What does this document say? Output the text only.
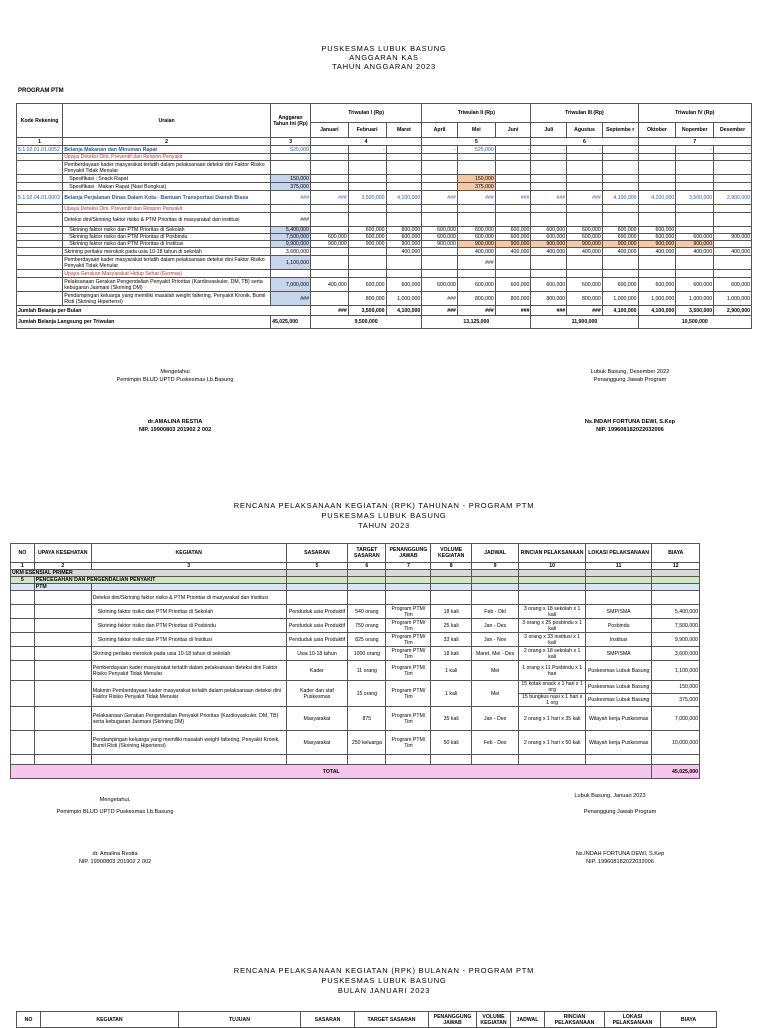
PUSKESMAS LUBUK BASUNG
ANGGARAN KAS
TAHUN ANGGARAN 2023
PROGRAM PTM
Kode Rekening	Uraian	Anggaran Tahun Ini (Rp)	Triwulan I (Rp)			Triwulan II (Rp)			Triwulan III (Rp)			Triwulan IV (Rp)		
			Januari	Februari	Maret	April	Mei	Juni	Juli	Agustus	Septembe r	Oktober	Nopember	Desember
1	2	3	4			5			6			7		
5.1.02.01.01.0052	Belanja Makanan dan Minuman Rapat	525,000	-	-	-	-	525,000	-	-	-	-	-	-	-
	Upaya Deteksi Dini, Preventif dan Respon Penyakit													
	Pemberdayaan kader masyarakat terlatih dalam pelaksanaan deteksi dini Faktor Risiko Penyakit Tidak Menular													
	Spesifikasi : Snack Rapat	150,000					150,000							
	Spesifikasi : Makan Rapat (Nasi Bungkus)	375,000					375,000							
5.1.02.04.01.0003	Belanja Perjalanan Dinas Dalam Kota - Bantuan Transportasi Daerah Biasa	###	###	3,500,000	4,100,000	###	###	###	###	###	4,100,000	4,100,000	3,500,000	2,900,000
	Upaya Deteksi Dini, Preventif dan Respon Penyakit													
	Deteksi dini/Skrining faktor risiko & PTM Prioritas di masyarakat dan institusi	###												
	Skrining faktor risiko dan PTM Prioritas di Sekolah	5,400,000		600,000	600,000	600,000	600,000	600,000	600,000	600,000	600,000	600,000		
	Skrining faktor risiko dan PTM Prioritas di Posbindu	7,500,000	600,000	600,000	600,000	600,000	600,000	600,000	600,000	600,000	600,000	600,000	600,000	900,000
	Skrining faktor risiko dan PTM Prioritas di Institusi	9,900,000	900,000	900,000	900,000	900,000	900,000	900,000	900,000	900,000	900,000	900,000	900,000	
	Skrining perilaku merokok pada usia 10-18 tahun di sekolah	3,600,000			400,000		400,000	400,000	400,000	400,000	400,000	400,000	400,000	400,000
	Pemberdayaan kader masyarakat terlatih dalam pelaksanaan deteksi dini Faktor Risiko Penyakit Tidak Menular	1,100,000					###							
	Upaya Gerakan Masyarakat Hidup Sehat (Germas)													
	Pelaksanaan Gerakan Pengendalian Penyakit Prioritas (Kardiovaskuler, DM, TB) serta kebugaran Jasmani (Skrining DM)	7,000,000	400,000	600,000	600,000	600,000	600,000	600,000	600,000	600,000	600,000	600,000	600,000	600,000
	Pendampingan keluarga yang memiliki masalah weight faltering, Penyakit Kronik, Bumil Risti (Skrining Hipertensi)	###		800,000	1,000,000	###	800,000	800,000	800,000	800,000	1,000,000	1,000,000	1,000,000	1,000,000
Jumlah Belanja per Bulan			###	3,500,000	4,100,000	###	###	###	###	###	4,100,000	4,100,000	3,500,000	2,900,000
Jumlah Belanja Langsung per Triwulan		45,025,000	9,500,000			13,125,000			11,900,000			10,500,000		
Mengetahui
Pemimpin BLUD UPTD Puskesmas Lb.Basung
dr.AMALINA RESTIA
NIP. 19900803 201902 2 002
Lubuk Basung, Desember 2022
Penanggung Jawab Program
Ns.INDAH FORTUNA DEWI, S.Kep
NIP. 199608182022032006
RENCANA PELAKSANAAN KEGIATAN (RPK) TAHUNAN - PROGRAM PTM
PUSKESMAS LUBUK BASUNG
TAHUN 2023
NO	UPAYA KESEHATAN	KEGIATAN		SASARAN	TARGET SASARAN	PENANGGUNG JAWAB	VOLUME KEGIATAN	JADWAL	RINCIAN PELAKSANAAN	LOKASI PELAKSANAAN	BIAYA
1	2	3		5	6	7	8	9	10	11	12
UKM ESENSIAL PRIMER										
5	PENCEGAHAN DAN PENGENDALIAN PENYAKIT									
	PTM										
		Deteksi dini/Skrining faktor risiko & PTM Prioritas di masyarakat dan institusi									
		Skrining faktor risiko dan PTM Prioritas di Sekolah		Penduduk usia Produktif	540 orang	Program PTM/ Tim	18 kali	Feb - Okt	3 orang x 18 sekolah x 1 kali	SMP/SMA	5,400,000
		Skrining faktor risiko dan PTM Prioritas di Posbindu		Penduduk usia Produktif	750 orang	Program PTM/ Tim	25 kali	Jan - Des	3 orang x 25 posbindu x 1 kali	Posbindu	7,500,000
		Skrining faktor risiko dan PTM Prioritas di Institusi		Penduduk usia Produktif	825 orang	Program PTM/ Tim	33 kali	Jan - Nov	3 orang x 33 institusi x 1 kali	Institusi	9,900,000
		Skrining perilaku merokok pada usia 10-18 tahun di sekolah		Usia 10-18 tahun	1000 orang	Program PTM/ Tim	18 kali	Maret, Mei - Des	2 orang x 18 sekolah x 1 kali	SMP/SMA	3,600,000
		Pemberdayaan kader masyarakat terlatih dalam pelaksanaan deteksi dini Faktor Risiko Penyakit Tidak Menular		Kader	11 orang	Program PTM/ Tim	1 kali	Mei	1 orang x 11 Posbindu x 1 hari	Puskesmas Lubuk Basung	1,100,000
		Makmin Pemberdayaan kader masyarakat terlatih dalam pelaksanaan deteksi dini Faktor Risiko Penyakit Tidak Menular		Kader dan staf Puskesmas	15 orang	Program PTM/ Tim	1 kali	Mei	15 kotak snack x 1 hari x 1 org	Puskesmas Lubuk Basung	150,000
								15 bungkus nasi x 1 hari x 1 org	Puskesmas Lubuk Basung	375,000
		Pelaksanaan Gerakan Pengendalian Penyakit Prioritas (Kardiovaskuler, DM, TB) serta kebugaran Jasmani (Skrining DM)		Masyarakat	875	Program PTM/ Tim	35 kali	Jan - Des	2 orang x 1 hari x 35 kali	Wilayah kerja Puskesmas	7,000,000
		Pendampingan keluarga yang memiliki masalah weight faltering, Penyakit Kronik, Bumil Risti (Skrining Hipertensi)		Masyarakat	250 keluarga	Program PTM/ Tim	50 kali	Feb - Des	2 orang x 1 hari x 50 kali	Wilayah kerja Puskesmas	10,000,000

TOTAL										45,025,000
Mengetahui,
Pemimpin BLUD UPTD Puskesmas Lb.Basung
dr. Amalina Restia
NIP. 19900803 201902 2 002
Lubuk Basung, Januari 2023
Penanggung Jawab Program
Ns.INDAH FORTUNA DEWI, S.Kep
NIP. 199608182022032006
RENCANA PELAKSANAAN KEGIATAN (RPK) BULANAN - PROGRAM PTM
PUSKESMAS LUBUK BASUNG
BULAN JANUARI 2023
NO	KEGIATAN	TUJUAN	SASARAN	TARGET SASARAN	PENANGGUNG JAWAB	VOLUME KEGIATAN	JADWAL	RINCIAN PELAKSANAAN	LOKASI PELAKSANAAN	BIAYA
